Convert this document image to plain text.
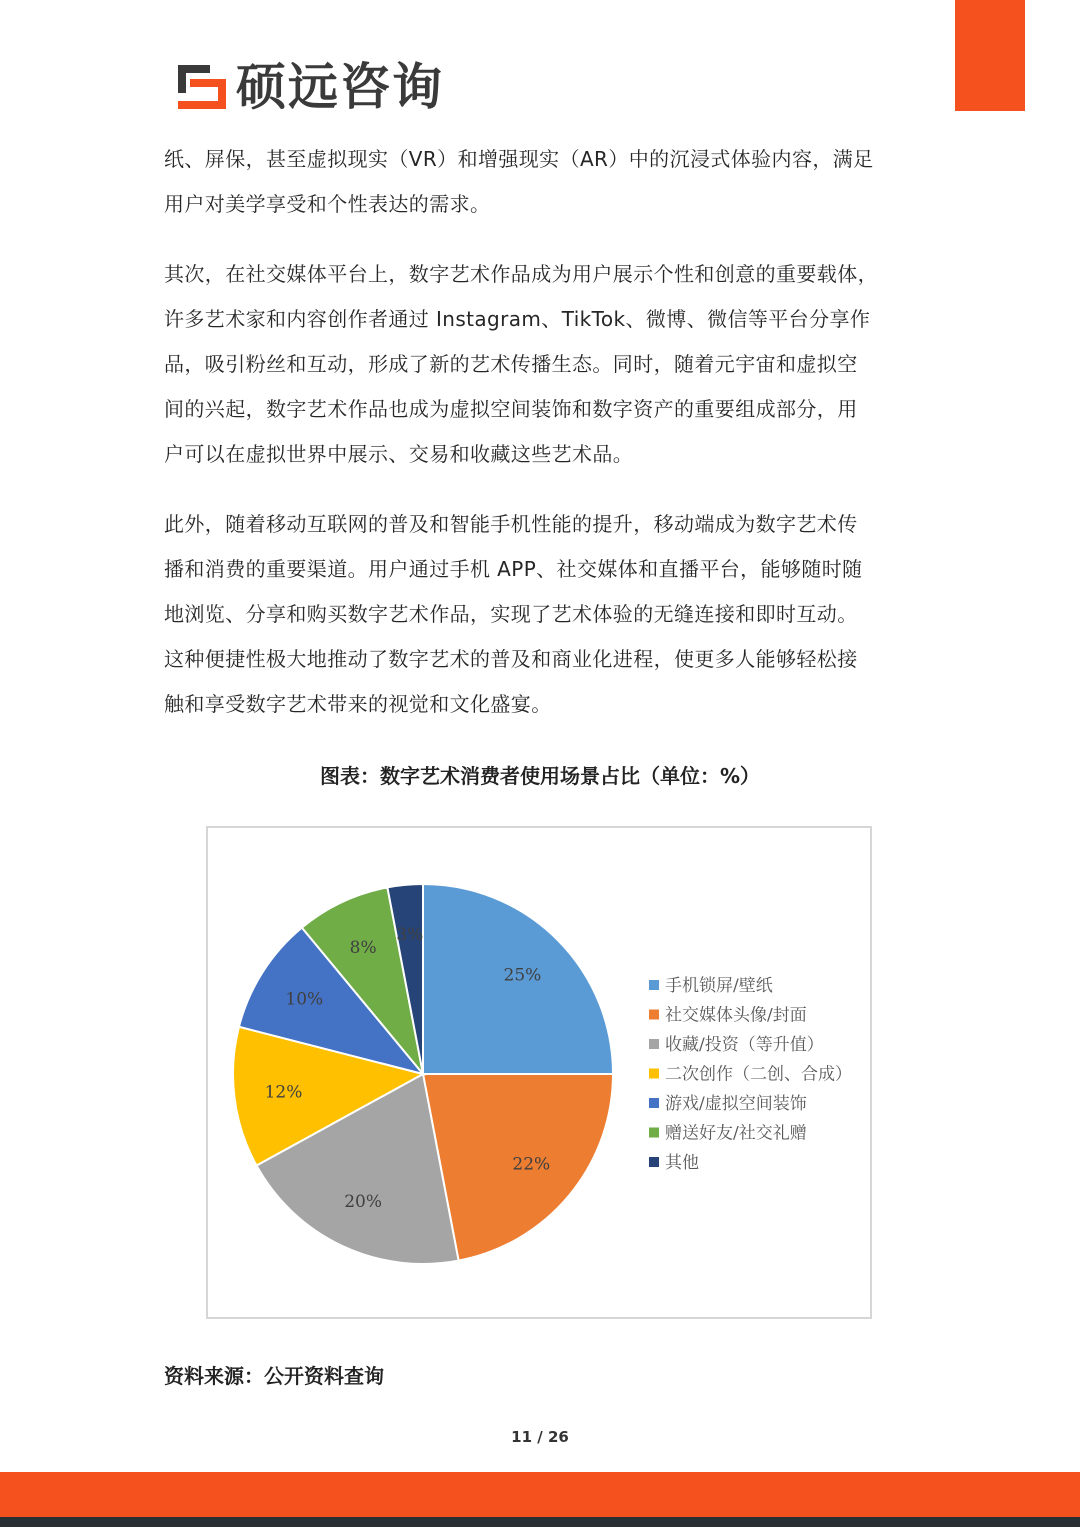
硕远咨询

纸、屏保，甚至虚拟现实（VR）和增强现实（AR）中的沉浸式体验内容，满足
用户对美学享受和个性表达的需求。

其次，在社交媒体平台上，数字艺术作品成为用户展示个性和创意的重要载体，
许多艺术家和内容创作者通过 Instagram、TikTok、微博、微信等平台分享作
品，吸引粉丝和互动，形成了新的艺术传播生态。同时，随着元宇宙和虚拟空
间的兴起，数字艺术作品也成为虚拟空间装饰和数字资产的重要组成部分，用
户可以在虚拟世界中展示、交易和收藏这些艺术品。

此外，随着移动互联网的普及和智能手机性能的提升，移动端成为数字艺术传
播和消费的重要渠道。用户通过手机 APP、社交媒体和直播平台，能够随时随
地浏览、分享和购买数字艺术作品，实现了艺术体验的无缝连接和即时互动。
这种便捷性极大地推动了数字艺术的普及和商业化进程，使更多人能够轻松接
触和享受数字艺术带来的视觉和文化盛宴。

图表：数字艺术消费者使用场景占比（单位：%）
25%
22%
20%
12%
10%
8%
3%
手机锁屏/壁纸
社交媒体头像/封面
收藏/投资（等升值）
二次创作（二创、合成）
游戏/虚拟空间装饰
赠送好友/社交礼赠
其他
资料来源：公开资料查询
11 / 26
